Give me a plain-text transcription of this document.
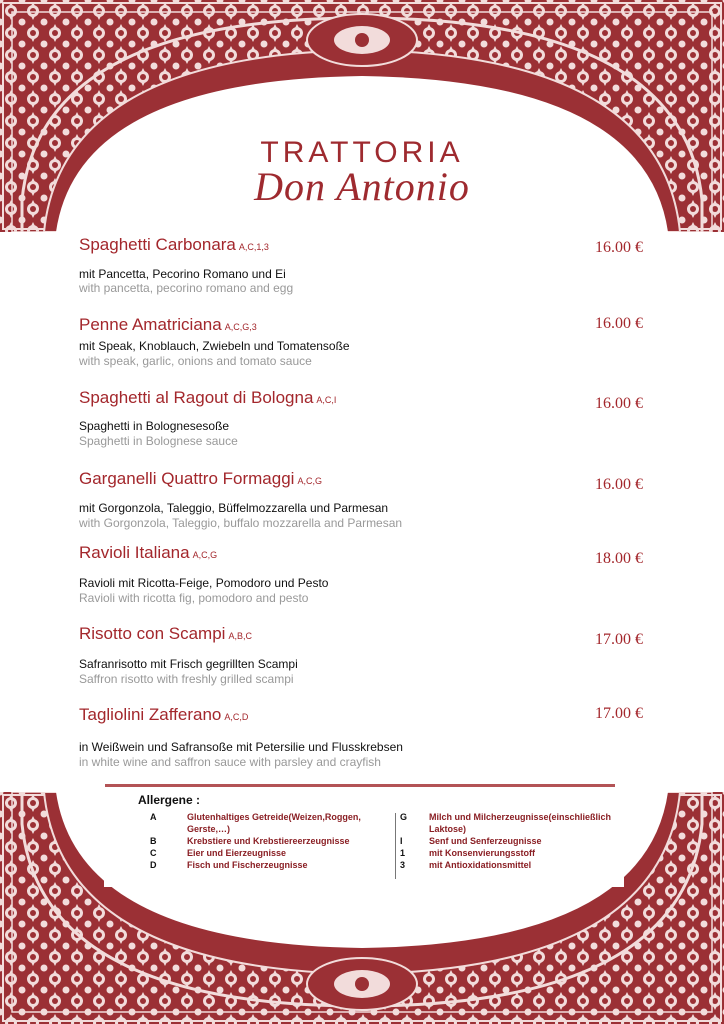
TRATTORIA
Don Antonio
Spaghetti Carbonara A,C,1,3	16.00 €
mit Pancetta, Pecorino Romano und Ei
with pancetta, pecorino romano and egg
Penne Amatriciana A,C,G,3	16.00 €
mit Speak, Knoblauch, Zwiebeln und Tomatensoße
with speak, garlic, onions and tomato sauce
Spaghetti al Ragout di Bologna A,C,I	16.00 €
Spaghetti in Bolognesesoße
Spaghetti in Bolognese sauce
Garganelli Quattro Formaggi A,C,G	16.00 €
mit Gorgonzola, Taleggio, Büffelmozzarella und Parmesan
with Gorgonzola, Taleggio, buffalo mozzarella and Parmesan
Ravioli Italiana A,C,G	18.00 €
Ravioli mit Ricotta-Feige, Pomodoro und Pesto
Ravioli with ricotta fig, pomodoro and pesto
Risotto con Scampi A,B,C	17.00 €
Safranrisotto mit Frisch gegrillten Scampi
Saffron risotto with freshly grilled scampi
Tagliolini Zafferano A,C,D	17.00 €
in Weißwein und Safransoße mit Petersilie und Flusskrebsen
in white wine and saffron sauce with parsley and crayfish
Allergene :
A	Glutenhaltiges Getreide(Weizen,Roggen, Gerste,…)
B	Krebstiere und Krebstiereerzeugnisse
C	Eier und Eierzeugnisse
D	Fisch und Fischerzeugnisse
G	Milch und Milcherzeugnisse(einschließlich Laktose)
I	Senf und Senferzeugnisse
1	mit Konsenvierungsstoff
3	mit Antioxidationsmittel
